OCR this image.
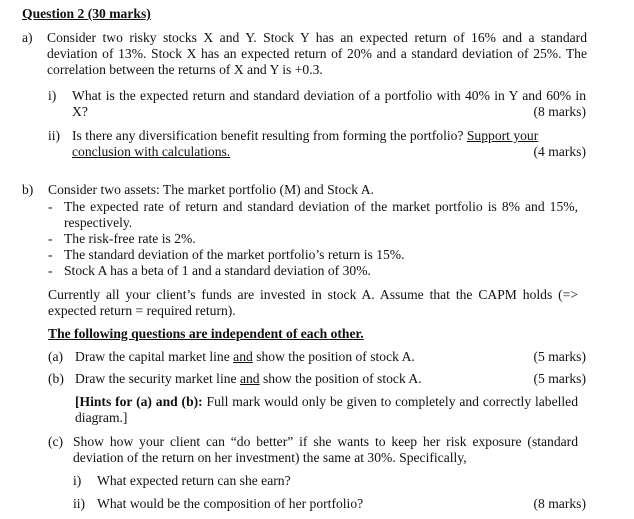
Question 2 (30 marks)
a) Consider two risky stocks X and Y. Stock Y has an expected return of 16% and a standard
deviation of 13%. Stock X has an expected return of 20% and a standard deviation of 25%. The
correlation between the returns of X and Y is +0.3.
i) What is the expected return and standard deviation of a portfolio with 40% in Y and 60% in
X?	(8 marks)
ii) Is there any diversification benefit resulting from forming the portfolio? Support your
conclusion with calculations.	(4 marks)
b) Consider two assets: The market portfolio (M) and Stock A.
- The expected rate of return and standard deviation of the market portfolio is 8% and 15%,
respectively.
- The risk-free rate is 2%.
- The standard deviation of the market portfolio’s return is 15%.
- Stock A has a beta of 1 and a standard deviation of 30%.
Currently all your client’s funds are invested in stock A. Assume that the CAPM holds (=>
expected return = required return).
The following questions are independent of each other.
(a) Draw the capital market line and show the position of stock A.	(5 marks)
(b) Draw the security market line and show the position of stock A.	(5 marks)
[Hints for (a) and (b): Full mark would only be given to completely and correctly labelled
diagram.]
(c) Show how your client can “do better” if she wants to keep her risk exposure (standard
deviation of the return on her investment) the same at 30%. Specifically,
i) What expected return can she earn?
ii) What would be the composition of her portfolio?	(8 marks)
